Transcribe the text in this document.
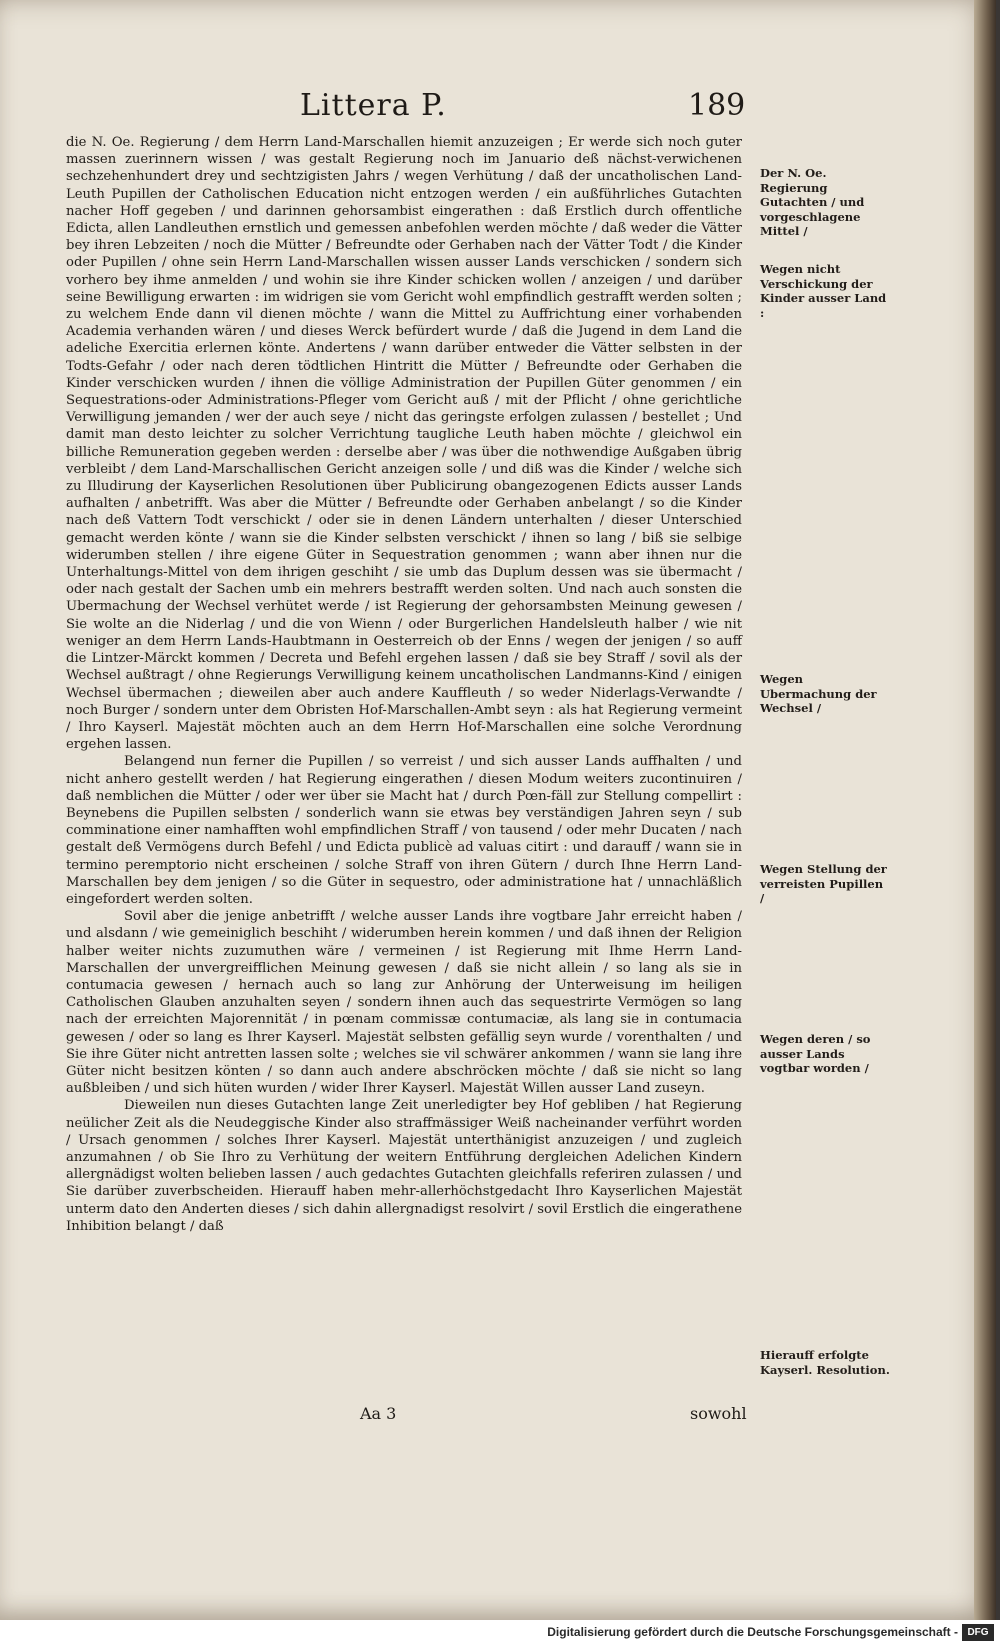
Littera P.	189

die N. Oe. Regierung / dem Herrn Land-Marschallen hiemit anzuzeigen ; Er werde sich noch guter massen zuerinnern wissen / was gestalt Regierung noch im Januario deß nächst-verwichenen sechzehenhundert drey und sechtzigisten Jahrs / wegen Verhütung / daß der uncatholischen Land-Leuth Pupillen der Catholischen Education nicht entzogen werden / ein außführliches Gutachten nacher Hoff gegeben / und darinnen gehorsambist eingerathen : daß Erstlich durch offentliche Edicta, allen Landleuthen ernstlich und gemessen anbefohlen werden möchte / daß weder die Vätter bey ihren Lebzeiten / noch die Mütter / Befreundte oder Gerhaben nach der Vätter Todt / die Kinder oder Pupillen / ohne sein Herrn Land-Marschallen wissen ausser Lands verschicken / sondern sich vorhero bey ihme anmelden / und wohin sie ihre Kinder schicken wollen / anzeigen / und darüber seine Bewilligung erwarten : im widrigen sie vom Gericht wohl empfindlich gestrafft werden solten ; zu welchem Ende dann vil dienen möchte / wann die Mittel zu Auffrichtung einer vorhabenden Academia verhanden wären / und dieses Werck befürdert wurde / daß die Jugend in dem Land die adeliche Exercitia erlernen könte. Andertens / wann darüber entweder die Vätter selbsten in der Todts-Gefahr / oder nach deren tödtlichen Hintritt die Mütter / Befreundte oder Gerhaben die Kinder verschicken wurden / ihnen die völlige Administration der Pupillen Güter genommen / ein Sequestrations-oder Administrations-Pfleger vom Gericht auß / mit der Pflicht / ohne gerichtliche Verwilligung jemanden / wer der auch seye / nicht das geringste erfolgen zulassen / bestellet ; Und damit man desto leichter zu solcher Verrichtung taugliche Leuth haben möchte / gleichwol ein billiche Remuneration gegeben werden : derselbe aber / was über die nothwendige Außgaben übrig verbleibt / dem Land-Marschallischen Gericht anzeigen solle / und diß was die Kinder / welche sich zu Illudirung der Kayserlichen Resolutionen über Publicirung obangezogenen Edicts ausser Lands aufhalten / anbetrifft. Was aber die Mütter / Befreundte oder Gerhaben anbelangt / so die Kinder nach deß Vattern Todt verschickt / oder sie in denen Ländern unterhalten / dieser Unterschied gemacht werden könte / wann sie die Kinder selbsten verschickt / ihnen so lang / biß sie selbige widerumben stellen / ihre eigene Güter in Sequestration genommen ; wann aber ihnen nur die Unterhaltungs-Mittel von dem ihrigen geschiht / sie umb das Duplum dessen was sie übermacht / oder nach gestalt der Sachen umb ein mehrers bestrafft werden solten. Und nach auch sonsten die Ubermachung der Wechsel verhütet werde / ist Regierung der gehorsambsten Meinung gewesen / Sie wolte an die Niderlag / und die von Wienn / oder Burgerlichen Handelsleuth halber / wie nit weniger an dem Herrn Lands-Haubtmann in Oesterreich ob der Enns / wegen der jenigen / so auff die Lintzer-Märckt kommen / Decreta und Befehl ergehen lassen / daß sie bey Straff / sovil als der Wechsel außtragt / ohne Regierungs Verwilligung keinem uncatholischen Landmanns-Kind / einigen Wechsel übermachen ; dieweilen aber auch andere Kauffleuth / so weder Niderlags-Verwandte / noch Burger / sondern unter dem Obristen Hof-Marschallen-Ambt seyn : als hat Regierung vermeint / Ihro Kayserl. Majestät möchten auch an dem Herrn Hof-Marschallen eine solche Verordnung ergehen lassen.

Belangend nun ferner die Pupillen / so verreist / und sich ausser Lands auffhalten / und nicht anhero gestellt werden / hat Regierung eingerathen / diesen Modum weiters zucontinuiren / daß nemblichen die Mütter / oder wer über sie Macht hat / durch Pœn-fäll zur Stellung compellirt : Beynebens die Pupillen selbsten / sonderlich wann sie etwas bey verständigen Jahren seyn / sub comminatione einer namhafften wohl empfindlichen Straff / von tausend / oder mehr Ducaten / nach gestalt deß Vermögens durch Befehl / und Edicta publicè ad valuas citirt : und darauff / wann sie in termino peremptorio nicht erscheinen / solche Straff von ihren Gütern / durch Ihne Herrn Land-Marschallen bey dem jenigen / so die Güter in sequestro, oder administratione hat / unnachläßlich eingefordert werden solten.

Sovil aber die jenige anbetrifft / welche ausser Lands ihre vogtbare Jahr erreicht haben / und alsdann / wie gemeiniglich beschiht / widerumben herein kommen / und daß ihnen der Religion halber weiter nichts zuzumuthen wäre / vermeinen / ist Regierung mit Ihme Herrn Land-Marschallen der unvergreifflichen Meinung gewesen / daß sie nicht allein / so lang als sie in contumacia gewesen / hernach auch so lang zur Anhörung der Unterweisung im heiligen Catholischen Glauben anzuhalten seyen / sondern ihnen auch das sequestrirte Vermögen so lang nach der erreichten Majorennität / in pœnam commissæ contumaciæ, als lang sie in contumacia gewesen / oder so lang es Ihrer Kayserl. Majestät selbsten gefällig seyn wurde / vorenthalten / und Sie ihre Güter nicht antretten lassen solte ; welches sie vil schwärer ankommen / wann sie lang ihre Güter nicht besitzen könten / so dann auch andere abschröcken möchte / daß sie nicht so lang außbleiben / und sich hüten wurden / wider Ihrer Kayserl. Majestät Willen ausser Land zuseyn.

Dieweilen nun dieses Gutachten lange Zeit unerledigter bey Hof gebliben / hat Regierung neülicher Zeit als die Neudeggische Kinder also straffmässiger Weiß nacheinander verführt worden / Ursach genommen / solches Ihrer Kayserl. Majestät unterthänigist anzuzeigen / und zugleich anzumahnen / ob Sie Ihro zu Verhütung der weitern Entführung dergleichen Adelichen Kindern allergnädigst wolten belieben lassen / auch gedachtes Gutachten gleichfalls referiren zulassen / und Sie darüber zuverbscheiden. Hierauff haben mehr-allerhöchstgedacht Ihro Kayserlichen Majestät unterm dato den Anderten dieses / sich dahin allergnadigst resolvirt / sovil Erstlich die eingerathene Inhibition belangt / daß

Aa 3	sowohl
Der N. Oe. Regierung Gutachten / und vorgeschlagene Mittel /
Wegen nicht Verschickung der Kinder ausser Land :
Wegen Ubermachung der Wechsel /
Wegen Stellung der verreisten Pupillen /
Wegen deren / so ausser Lands vogtbar worden /
Hierauff erfolgte Kayserl. Resolution.
Digitalisierung gefördert durch die Deutsche Forschungsgemeinschaft - DFG
